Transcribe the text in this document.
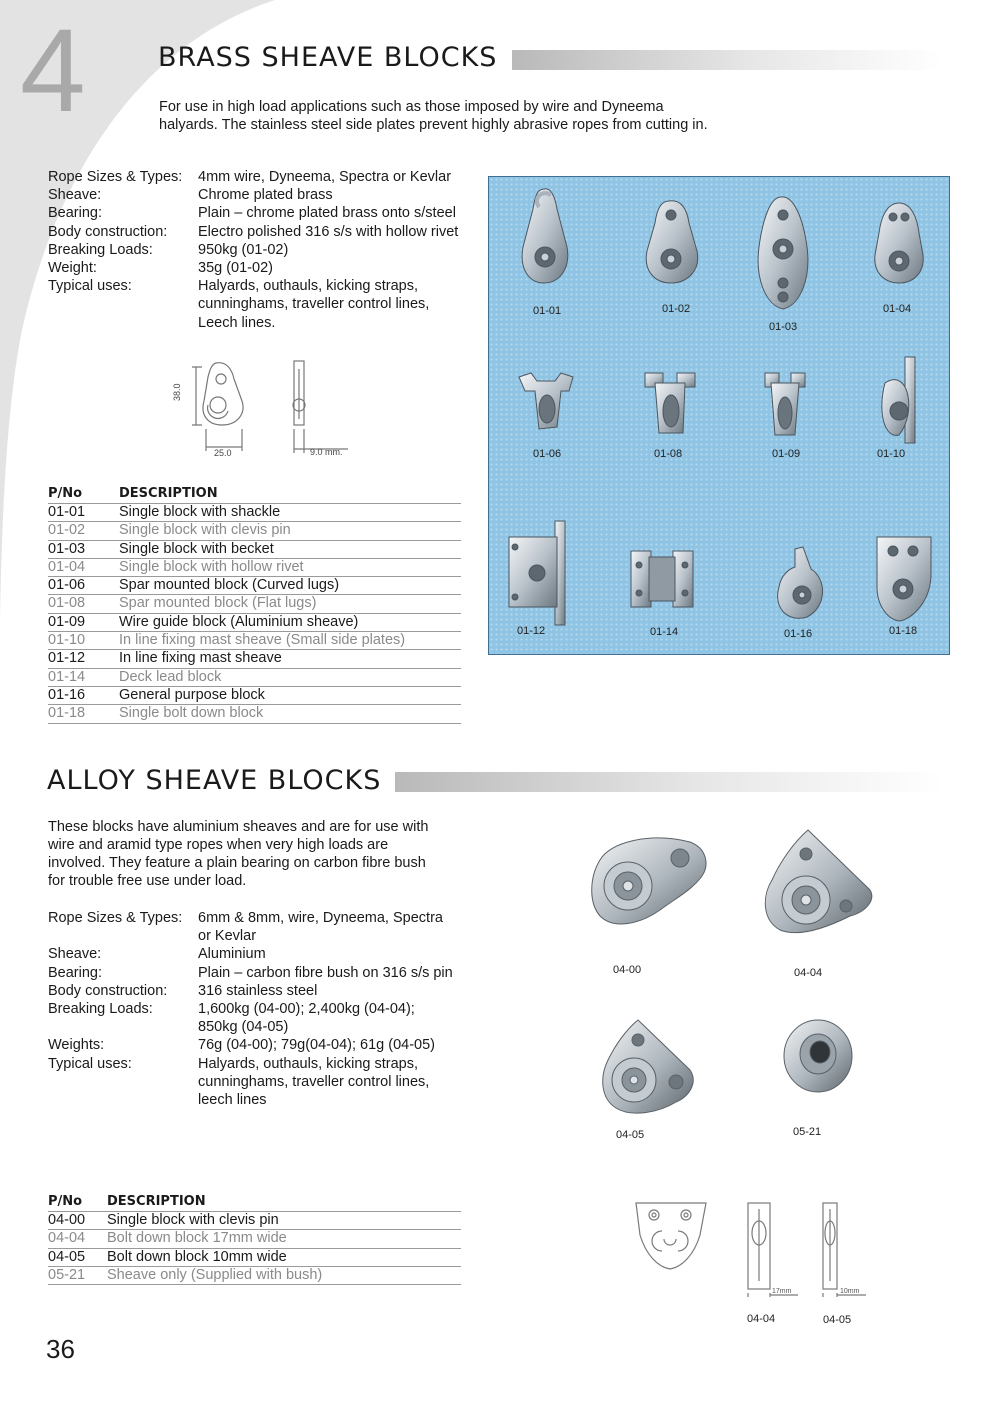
4	BRASS SHEAVE BLOCKS
For use in high load applications such as those imposed by wire and Dyneema
halyards. The stainless steel side plates prevent highly abrasive ropes from cutting in.
Rope Sizes & Types:	4mm wire, Dyneema, Spectra or Kevlar
Sheave:	Chrome plated brass
Bearing:	Plain – chrome plated brass onto s/steel
Body construction:	Electro polished 316 s/s with hollow rivet
Breaking Loads:	950kg (01-02)
Weight:	35g (01-02)
Typical uses:	Halyards, outhauls, kicking straps,
cunninghams, traveller control lines,
Leech lines.
38.0
25.0	9.0 mm.
P/No	DESCRIPTION
01-01	Single block with shackle
01-02	Single block with clevis pin
01-03	Single block with becket
01-04	Single block with hollow rivet
01-06	Spar mounted block (Curved lugs)
01-08	Spar mounted block (Flat lugs)
01-09	Wire guide block (Aluminium sheave)
01-10	In line fixing mast sheave (Small side plates)
01-12	In line fixing mast sheave
01-14	Deck lead block
01-16	General purpose block
01-18	Single bolt down block
01-01	01-02
01-03
01-04
01-06	01-08	01-09	01-10
01-12	01-14	01-16	01-18
ALLOY SHEAVE BLOCKS
These blocks have aluminium sheaves and are for use with
wire and aramid type ropes when very high loads are
involved. They feature a plain bearing on carbon fibre bush
for trouble free use under load.
Rope Sizes & Types:	6mm & 8mm, wire, Dyneema, Spectra
or Kevlar
Sheave:	Aluminium
Bearing:	Plain – carbon fibre bush on 316 s/s pin
Body construction:	316 stainless steel
Breaking Loads:	1,600kg (04-00); 2,400kg (04-04);
850kg (04-05)
Weights:	76g (04-00); 79g(04-04); 61g (04-05)
Typical uses:	Halyards, outhauls, kicking straps,
cunninghams, traveller control lines,
leech lines
04-00	04-04
04-05	05-21
P/No	DESCRIPTION
04-00	Single block with clevis pin
04-04	Bolt down block 17mm wide
04-05	Bolt down block 10mm wide
05-21	Sheave only (Supplied with bush)
17mm	10mm
04-04	04-05
36
